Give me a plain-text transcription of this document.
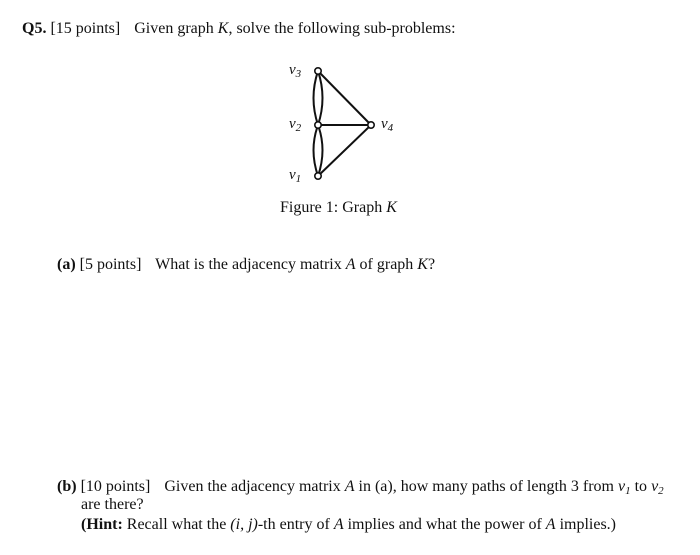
Q5. [15 points] Given graph K, solve the following sub-problems:
$v_3$
$v_2$
$v_1$
$v_4$
Figure 1: Graph K
(a) [5 points] What is the adjacency matrix A of graph K?
(b) [10 points] Given the adjacency matrix A in (a), how many paths of length 3 from $v_1$ to $v_2$
are there?
(Hint: Recall what the (i, j)-th entry of A implies and what the power of A implies.)
